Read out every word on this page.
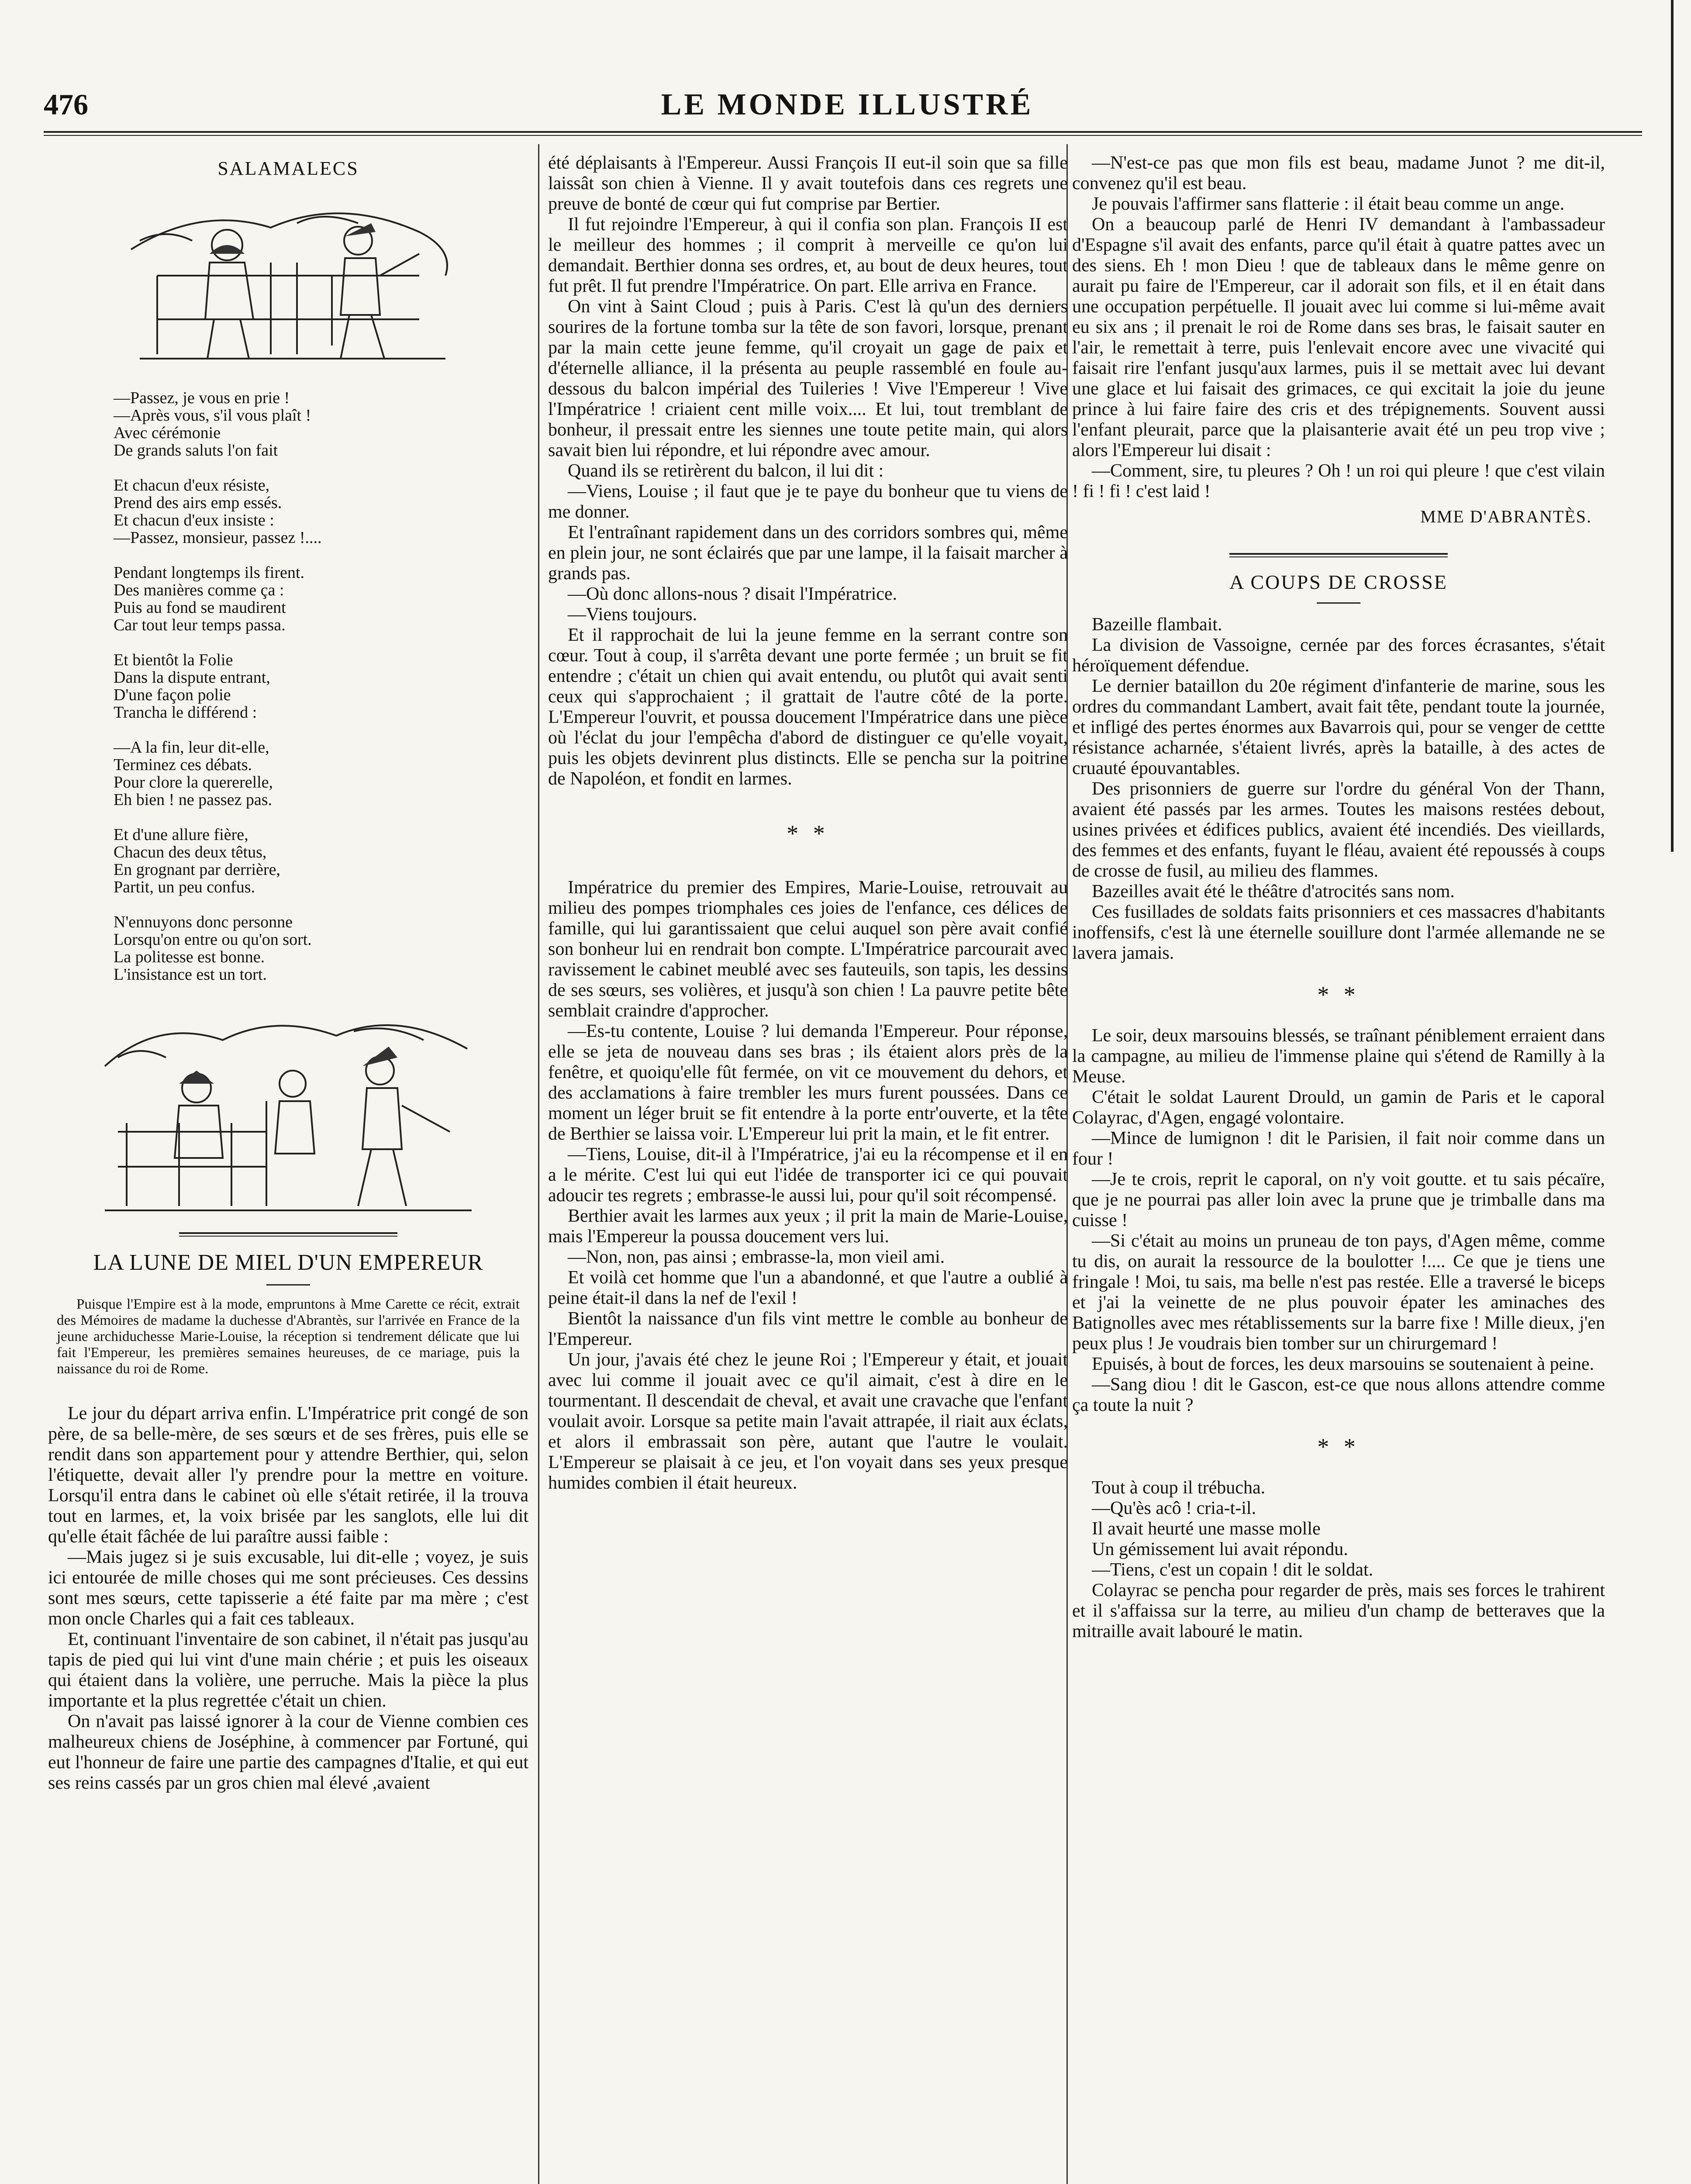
476	LE MONDE ILLUSTRÉ
SALAMALECS
—Passez, je vous en prie !
—Après vous, s'il vous plaît !
Avec cérémonie
De grands saluts l'on fait
Et chacun d'eux résiste,
Prend des airs emp essés.
Et chacun d'eux insiste :
—Passez, monsieur, passez !....
Pendant longtemps ils firent.
Des manières comme ça :
Puis au fond se maudirent
Car tout leur temps passa.
Et bientôt la Folie
Dans la dispute entrant,
D'une façon polie
Trancha le différend :
—A la fin, leur dit-elle,
Terminez ces débats.
Pour clore la quererelle,
Eh bien ! ne passez pas.
Et d'une allure fière,
Chacun des deux têtus,
En grognant par derrière,
Partit, un peu confus.
N'ennuyons donc personne
Lorsqu'on entre ou qu'on sort.
La politesse est bonne.
L'insistance est un tort.
LA LUNE DE MIEL D'UN EMPEREUR

Puisque l'Empire est à la mode, empruntons à Mme Carette ce récit, extrait des Mémoires de madame la duchesse d'Abrantès, sur l'arrivée en France de la jeune archiduchesse Marie-Louise, la réception si tendrement délicate que lui fait l'Empereur, les premières semaines heureuses, de ce mariage, puis la naissance du roi de Rome.

Le jour du départ arriva enfin. L'Impératrice prit congé de son père, de sa belle-mère, de ses sœurs et de ses frères, puis elle se rendit dans son appartement pour y attendre Berthier, qui, selon l'étiquette, devait aller l'y prendre pour la mettre en voiture. Lorsqu'il entra dans le cabinet où elle s'était retirée, il la trouva tout en larmes, et, la voix brisée par les sanglots, elle lui dit qu'elle était fâchée de lui paraître aussi faible :

—Mais jugez si je suis excusable, lui dit-elle ; voyez, je suis ici entourée de mille choses qui me sont précieuses. Ces dessins sont mes sœurs, cette tapisserie a été faite par ma mère ; c'est mon oncle Charles qui a fait ces tableaux.

Et, continuant l'inventaire de son cabinet, il n'était pas jusqu'au tapis de pied qui lui vint d'une main chérie ; et puis les oiseaux qui étaient dans la volière, une perruche. Mais la pièce la plus importante et la plus regrettée c'était un chien.

On n'avait pas laissé ignorer à la cour de Vienne combien ces malheureux chiens de Joséphine, à commencer par Fortuné, qui eut l'honneur de faire une partie des campagnes d'Italie, et qui eut ses reins cassés par un gros chien mal élevé ,avaient

été déplaisants à l'Empereur. Aussi François II eut-il soin que sa fille laissât son chien à Vienne. Il y avait toutefois dans ces regrets une preuve de bonté de cœur qui fut comprise par Bertier.

Il fut rejoindre l'Empereur, à qui il confia son plan. François II est le meilleur des hommes ; il comprit à merveille ce qu'on lui demandait. Berthier donna ses ordres, et, au bout de deux heures, tout fut prêt. Il fut prendre l'Impératrice. On part. Elle arriva en France.

On vint à Saint Cloud ; puis à Paris. C'est là qu'un des derniers sourires de la fortune tomba sur la tête de son favori, lorsque, prenant par la main cette jeune femme, qu'il croyait un gage de paix et d'éternelle alliance, il la présenta au peuple rassemblé en foule au-dessous du balcon impérial des Tuileries ! Vive l'Empereur ! Vive l'Impératrice ! criaient cent mille voix.... Et lui, tout tremblant de bonheur, il pressait entre les siennes une toute petite main, qui alors savait bien lui répondre, et lui répondre avec amour.

Quand ils se retirèrent du balcon, il lui dit :

—Viens, Louise ; il faut que je te paye du bonheur que tu viens de me donner.

Et l'entraînant rapidement dans un des corridors sombres qui, même en plein jour, ne sont éclairés que par une lampe, il la faisait marcher à grands pas.

—Où donc allons-nous ? disait l'Impératrice.

—Viens toujours.

Et il rapprochait de lui la jeune femme en la serrant contre son cœur. Tout à coup, il s'arrêta devant une porte fermée ; un bruit se fit entendre ; c'était un chien qui avait entendu, ou plutôt qui avait senti ceux qui s'approchaient ; il grattait de l'autre côté de la porte. L'Empereur l'ouvrit, et poussa doucement l'Impératrice dans une pièce où l'éclat du jour l'empêcha d'abord de distinguer ce qu'elle voyait, puis les objets devinrent plus distincts. Elle se pencha sur la poitrine de Napoléon, et fondit en larmes.

* *

Impératrice du premier des Empires, Marie-Louise, retrouvait au milieu des pompes triomphales ces joies de l'enfance, ces délices de famille, qui lui garantissaient que celui auquel son père avait confié son bonheur lui en rendrait bon compte. L'Impératrice parcourait avec ravissement le cabinet meublé avec ses fauteuils, son tapis, les dessins de ses sœurs, ses volières, et jusqu'à son chien ! La pauvre petite bête semblait craindre d'approcher.

—Es-tu contente, Louise ? lui demanda l'Empereur. Pour réponse, elle se jeta de nouveau dans ses bras ; ils étaient alors près de la fenêtre, et quoiqu'elle fût fermée, on vit ce mouvement du dehors, et des acclamations à faire trembler les murs furent poussées. Dans ce moment un léger bruit se fit entendre à la porte entr'ouverte, et la tête de Berthier se laissa voir. L'Empereur lui prit la main, et le fit entrer.

—Tiens, Louise, dit-il à l'Impératrice, j'ai eu la récompense et il en a le mérite. C'est lui qui eut l'idée de transporter ici ce qui pouvait adoucir tes regrets ; embrasse-le aussi lui, pour qu'il soit récompensé.

Berthier avait les larmes aux yeux ; il prit la main de Marie-Louise, mais l'Empereur la poussa doucement vers lui.

—Non, non, pas ainsi ; embrasse-la, mon vieil ami.

Et voilà cet homme que l'un a abandonné, et que l'autre a oublié à peine était-il dans la nef de l'exil !

Bientôt la naissance d'un fils vint mettre le comble au bonheur de l'Empereur.

Un jour, j'avais été chez le jeune Roi ; l'Empereur y était, et jouait avec lui comme il jouait avec ce qu'il aimait, c'est à dire en le tourmentant. Il descendait de cheval, et avait une cravache que l'enfant voulait avoir. Lorsque sa petite main l'avait attrapée, il riait aux éclats, et alors il embrassait son père, autant que l'autre le voulait. L'Empereur se plaisait à ce jeu, et l'on voyait dans ses yeux presque humides combien il était heureux.

—N'est-ce pas que mon fils est beau, madame Junot ? me dit-il, convenez qu'il est beau.

Je pouvais l'affirmer sans flatterie : il était beau comme un ange.

On a beaucoup parlé de Henri IV demandant à l'ambassadeur d'Espagne s'il avait des enfants, parce qu'il était à quatre pattes avec un des siens. Eh ! mon Dieu ! que de tableaux dans le même genre on aurait pu faire de l'Empereur, car il adorait son fils, et il en était dans une occupation perpétuelle. Il jouait avec lui comme si lui-même avait eu six ans ; il prenait le roi de Rome dans ses bras, le faisait sauter en l'air, le remettait à terre, puis l'enlevait encore avec une vivacité qui faisait rire l'enfant jusqu'aux larmes, puis il se mettait avec lui devant une glace et lui faisait des grimaces, ce qui excitait la joie du jeune prince à lui faire faire des cris et des trépignements. Souvent aussi l'enfant pleurait, parce que la plaisanterie avait été un peu trop vive ; alors l'Empereur lui disait :

—Comment, sire, tu pleures ? Oh ! un roi qui pleure ! que c'est vilain ! fi ! fi ! c'est laid !

MME D'ABRANTÈS.
A COUPS DE CROSSE

Bazeille flambait.

La division de Vassoigne, cernée par des forces écrasantes, s'était héroïquement défendue.

Le dernier bataillon du 20e régiment d'infanterie de marine, sous les ordres du commandant Lambert, avait fait tête, pendant toute la journée, et infligé des pertes énormes aux Bavarrois qui, pour se venger de cettte résistance acharnée, s'étaient livrés, après la bataille, à des actes de cruauté épouvantables.

Des prisonniers de guerre sur l'ordre du général Von der Thann, avaient été passés par les armes. Toutes les maisons restées debout, usines privées et édifices publics, avaient été incendiés. Des vieillards, des femmes et des enfants, fuyant le fléau, avaient été repoussés à coups de crosse de fusil, au milieu des flammes.

Bazeilles avait été le théâtre d'atrocités sans nom.

Ces fusillades de soldats faits prisonniers et ces massacres d'habitants inoffensifs, c'est là une éternelle souillure dont l'armée allemande ne se lavera jamais.

* *

Le soir, deux marsouins blessés, se traînant péniblement erraient dans la campagne, au milieu de l'immense plaine qui s'étend de Ramilly à la Meuse.

C'était le soldat Laurent Drould, un gamin de Paris et le caporal Colayrac, d'Agen, engagé volontaire.

—Mince de lumignon ! dit le Parisien, il fait noir comme dans un four !

—Je te crois, reprit le caporal, on n'y voit goutte. et tu sais pécaïre, que je ne pourrai pas aller loin avec la prune que je trimballe dans ma cuisse !

—Si c'était au moins un pruneau de ton pays, d'Agen même, comme tu dis, on aurait la ressource de la boulotter !.... Ce que je tiens une fringale ! Moi, tu sais, ma belle n'est pas restée. Elle a traversé le biceps et j'ai la veinette de ne plus pouvoir épater les aminaches des Batignolles avec mes rétablissements sur la barre fixe ! Mille dieux, j'en peux plus ! Je voudrais bien tomber sur un chirurgemard !

Epuisés, à bout de forces, les deux marsouins se soutenaient à peine.

—Sang diou ! dit le Gascon, est-ce que nous allons attendre comme ça toute la nuit ?

* *

Tout à coup il trébucha.

—Qu'ès acô ! cria-t-il.

Il avait heurté une masse molle

Un gémissement lui avait répondu.

—Tiens, c'est un copain ! dit le soldat.

Colayrac se pencha pour regarder de près, mais ses forces le trahirent et il s'affaissa sur la terre, au milieu d'un champ de betteraves que la mitraille avait labouré le matin.
